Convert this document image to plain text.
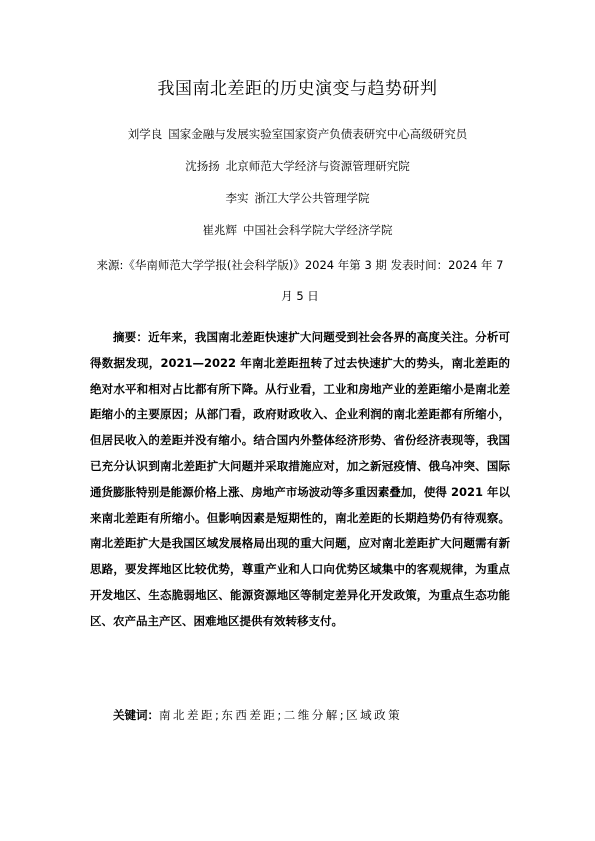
我国南北差距的历史演变与趋势研判
刘学良 国家金融与发展实验室国家资产负债表研究中心高级研究员
沈扬扬 北京师范大学经济与资源管理研究院
李实 浙江大学公共管理学院
崔兆辉 中国社会科学院大学经济学院
来源:《华南师范大学学报(社会科学版)》2024 年第 3 期 发表时间：2024 年 7 月 5 日

摘要：近年来，我国南北差距快速扩大问题受到社会各界的高度关注。分析可得数据发现，2021—2022 年南北差距扭转了过去快速扩大的势头，南北差距的绝对水平和相对占比都有所下降。从行业看，工业和房地产业的差距缩小是南北差距缩小的主要原因；从部门看，政府财政收入、企业利润的南北差距都有所缩小，但居民收入的差距并没有缩小。结合国内外整体经济形势、省份经济表现等，我国已充分认识到南北差距扩大问题并采取措施应对，加之新冠疫情、俄乌冲突、国际通货膨胀特别是能源价格上涨、房地产市场波动等多重因素叠加，使得 2021 年以来南北差距有所缩小。但影响因素是短期性的，南北差距的长期趋势仍有待观察。南北差距扩大是我国区域发展格局出现的重大问题，应对南北差距扩大问题需有新思路，要发挥地区比较优势，尊重产业和人口向优势区域集中的客观规律，为重点开发地区、生态脆弱地区、能源资源地区等制定差异化开发政策，为重点生态功能区、农产品主产区、困难地区提供有效转移支付。

关键词：南北差距;东西差距;二维分解;区域政策
